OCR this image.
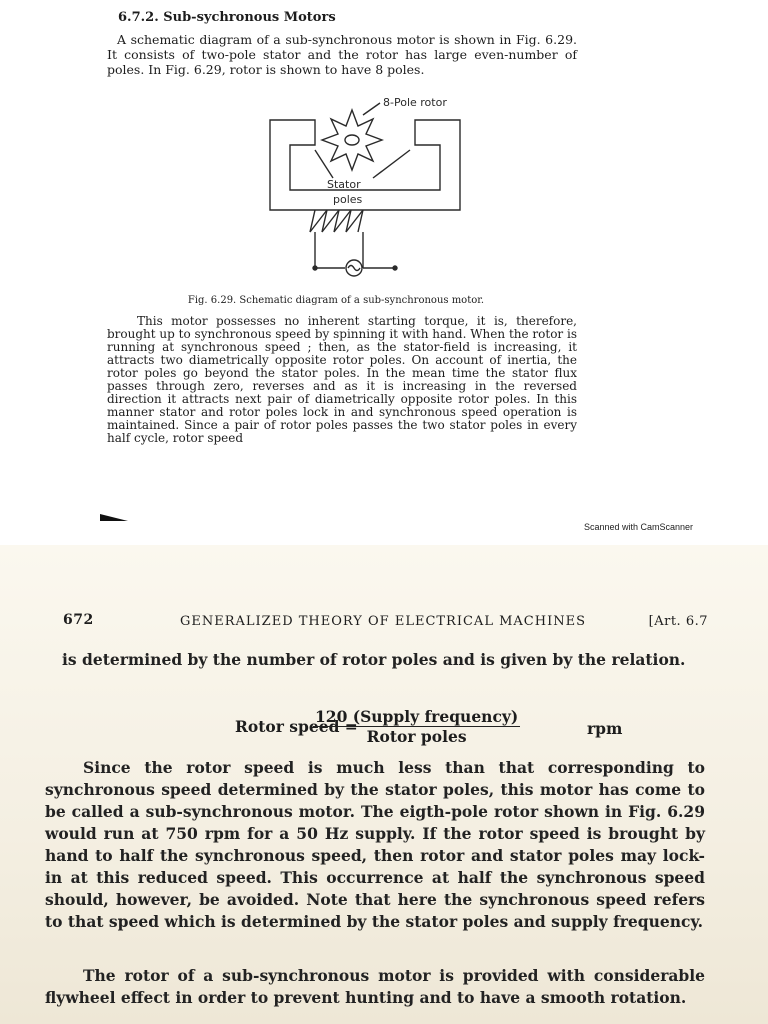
6.7.2. Sub-sychronous Motors

A schematic diagram of a sub-synchronous motor is shown in Fig. 6.29. It consists of two-pole stator and the rotor has large even-number of poles. In Fig. 6.29, rotor is shown to have 8 poles.

8-Pole rotor
Stator
poles
Fig. 6.29. Schematic diagram of a sub-synchronous motor.

This motor possesses no inherent starting torque, it is, therefore, brought up to synchronous speed by spinning it with hand. When the rotor is running at synchronous speed ; then, as the stator-field is increasing, it attracts two diametrically opposite rotor poles. On account of inertia, the rotor poles go beyond the stator poles. In the mean time the stator flux passes through zero, reverses and as it is increasing in the reversed direction it attracts next pair of diametrically opposite rotor poles. In this manner stator and rotor poles lock in and synchronous speed operation is maintained. Since a pair of rotor poles passes the two stator poles in every half cycle, rotor speed

Scanned with CamScanner
672	GENERALIZED THEORY OF ELECTRICAL MACHINES	[Art. 6.7

is determined by the number of rotor poles and is given by the relation.

Rotor speed =
120 (Supply frequency)
Rotor poles	rpm

Since the rotor speed is much less than that corresponding to synchronous speed determined by the stator poles, this motor has come to be called a sub-synchronous motor. The eigth-pole rotor shown in Fig. 6.29 would run at 750 rpm for a 50 Hz supply. If the rotor speed is brought by hand to half the synchronous speed, then rotor and stator poles may lock-in at this reduced speed. This occurrence at half the synchronous speed should, however, be avoided. Note that here the synchronous speed refers to that speed which is determined by the stator poles and supply frequency.

The rotor of a sub-synchronous motor is provided with considerable flywheel effect in order to prevent hunting and to have a smooth rotation.
